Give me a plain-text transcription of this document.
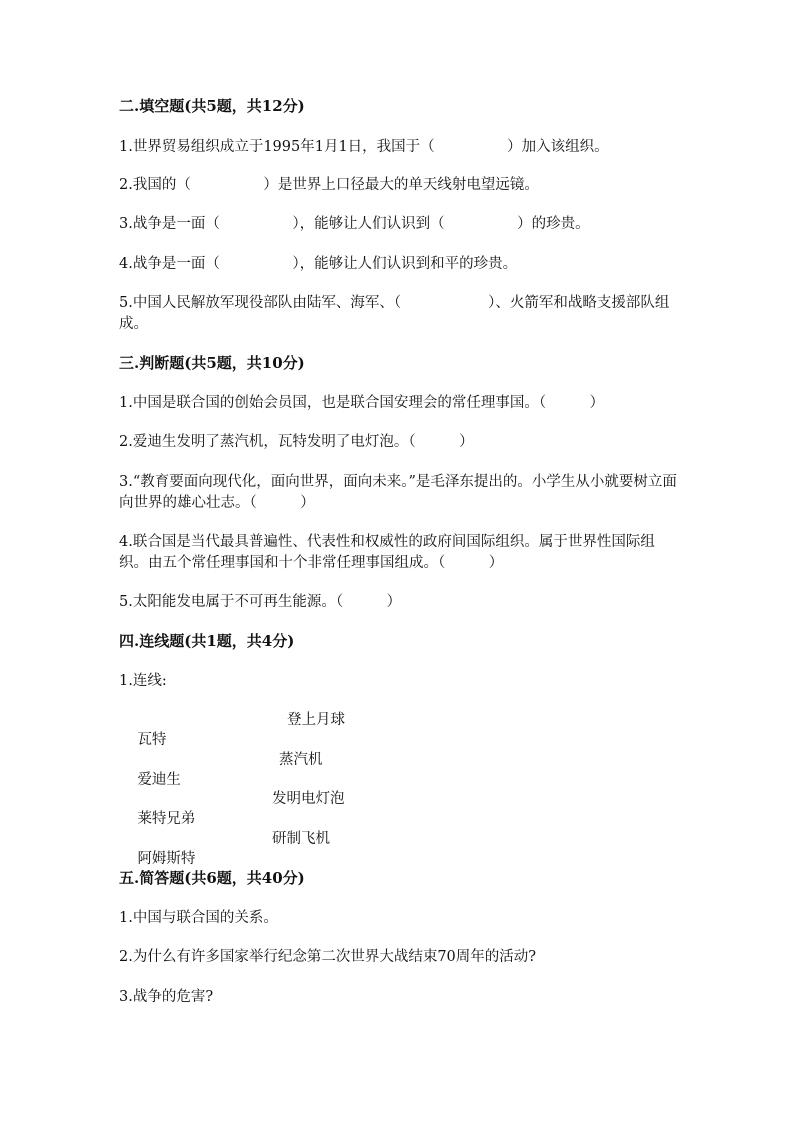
二.填空题(共5题，共12分)
1.世界贸易组织成立于1995年1月1日，我国于（　　　　　）加入该组织。
2.我国的（　　　　　）是世界上口径最大的单天线射电望远镜。
3.战争是一面（　　　　　），能够让人们认识到（　　　　　）的珍贵。
4.战争是一面（　　　　　），能够让人们认识到和平的珍贵。
5.中国人民解放军现役部队由陆军、海军、（　　　　　　）、火箭军和战略支援部队组成。
三.判断题(共5题，共10分)
1.中国是联合国的创始会员国，也是联合国安理会的常任理事国。（　　　）
2.爱迪生发明了蒸汽机，瓦特发明了电灯泡。（　　　）
3.“教育要面向现代化，面向世界，面向未来。”是毛泽东提出的。小学生从小就要树立面向世界的雄心壮志。（　　　）
4.联合国是当代最具普遍性、代表性和权威性的政府间国际组织。属于世界性国际组织。由五个常任理事国和十个非常任理事国组成。（　　　）
5.太阳能发电属于不可再生能源。（　　　）
四.连线题(共1题，共4分)
1.连线:

瓦特

登上月球

爱迪生

蒸汽机

莱特兄弟

发明电灯泡

阿姆斯特

研制飞机

五.简答题(共6题，共40分)
1.中国与联合国的关系。
2.为什么有许多国家举行纪念第二次世界大战结束70周年的活动?
3.战争的危害?
